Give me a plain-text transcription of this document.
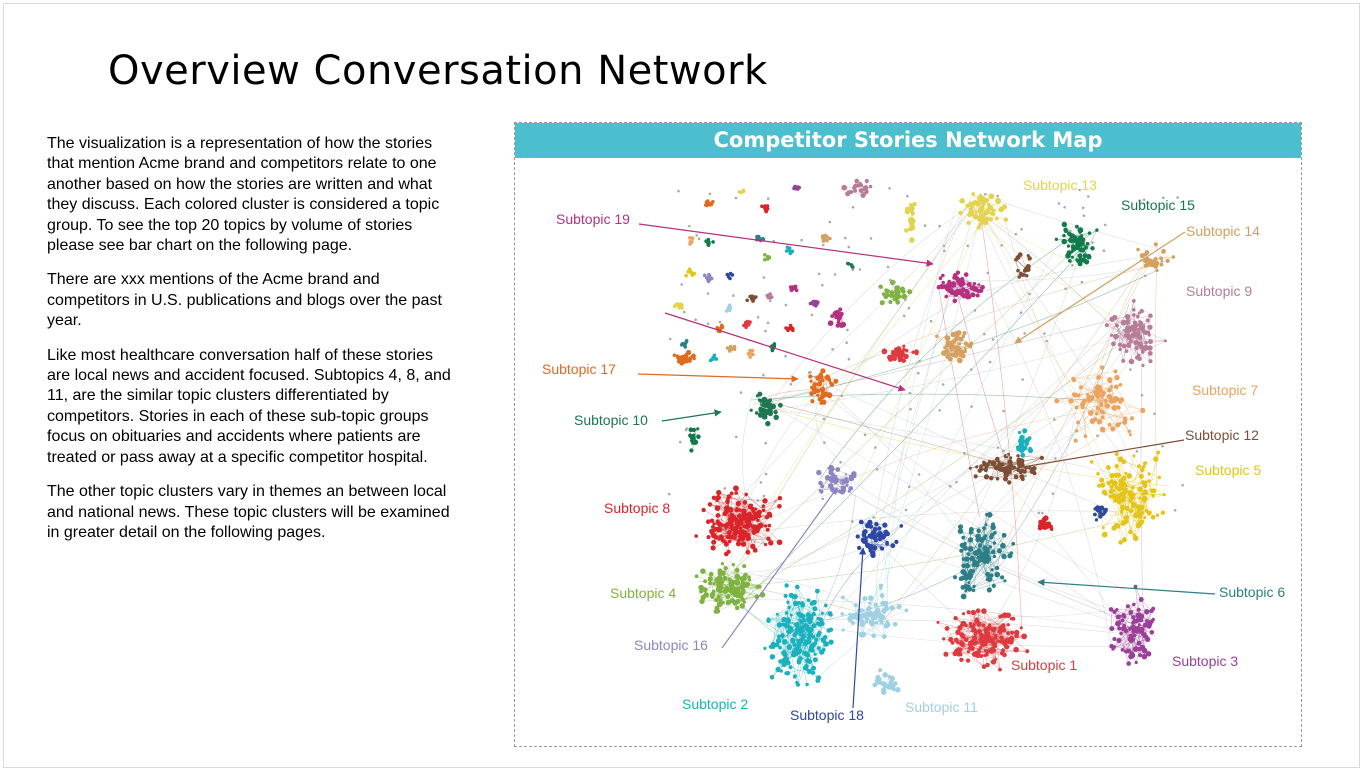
Overview Conversation Network

The visualization is a representation of how the stories that mention Acme brand and competitors relate to one another based on how the stories are written and what they discuss. Each colored cluster is considered a topic group. To see the top 20 topics by volume of stories please see bar chart on the following page.

There are xxx mentions of the Acme brand and competitors in U.S. publications and blogs over the past year.

Like most healthcare conversation half of these stories are local news and accident focused. Subtopics 4, 8, and 11, are the similar topic clusters differentiated by competitors. Stories in each of these sub-topic groups focus on obituaries and accidents where patients are treated or pass away at a specific competitor hospital.

The other topic clusters vary in themes an between local and national news. These topic clusters will be examined in greater detail on the following pages.

Competitor Stories Network Map
Subtopic 13
Subtopic 15
Subtopic 14
Subtopic 19
Subtopic 9
Subtopic 17
Subtopic 7
Subtopic 10
Subtopic 12
Subtopic 5
Subtopic 8
Subtopic 6
Subtopic 4
Subtopic 16
Subtopic 1	Subtopic 3
Subtopic 2
Subtopic 18	Subtopic 11
